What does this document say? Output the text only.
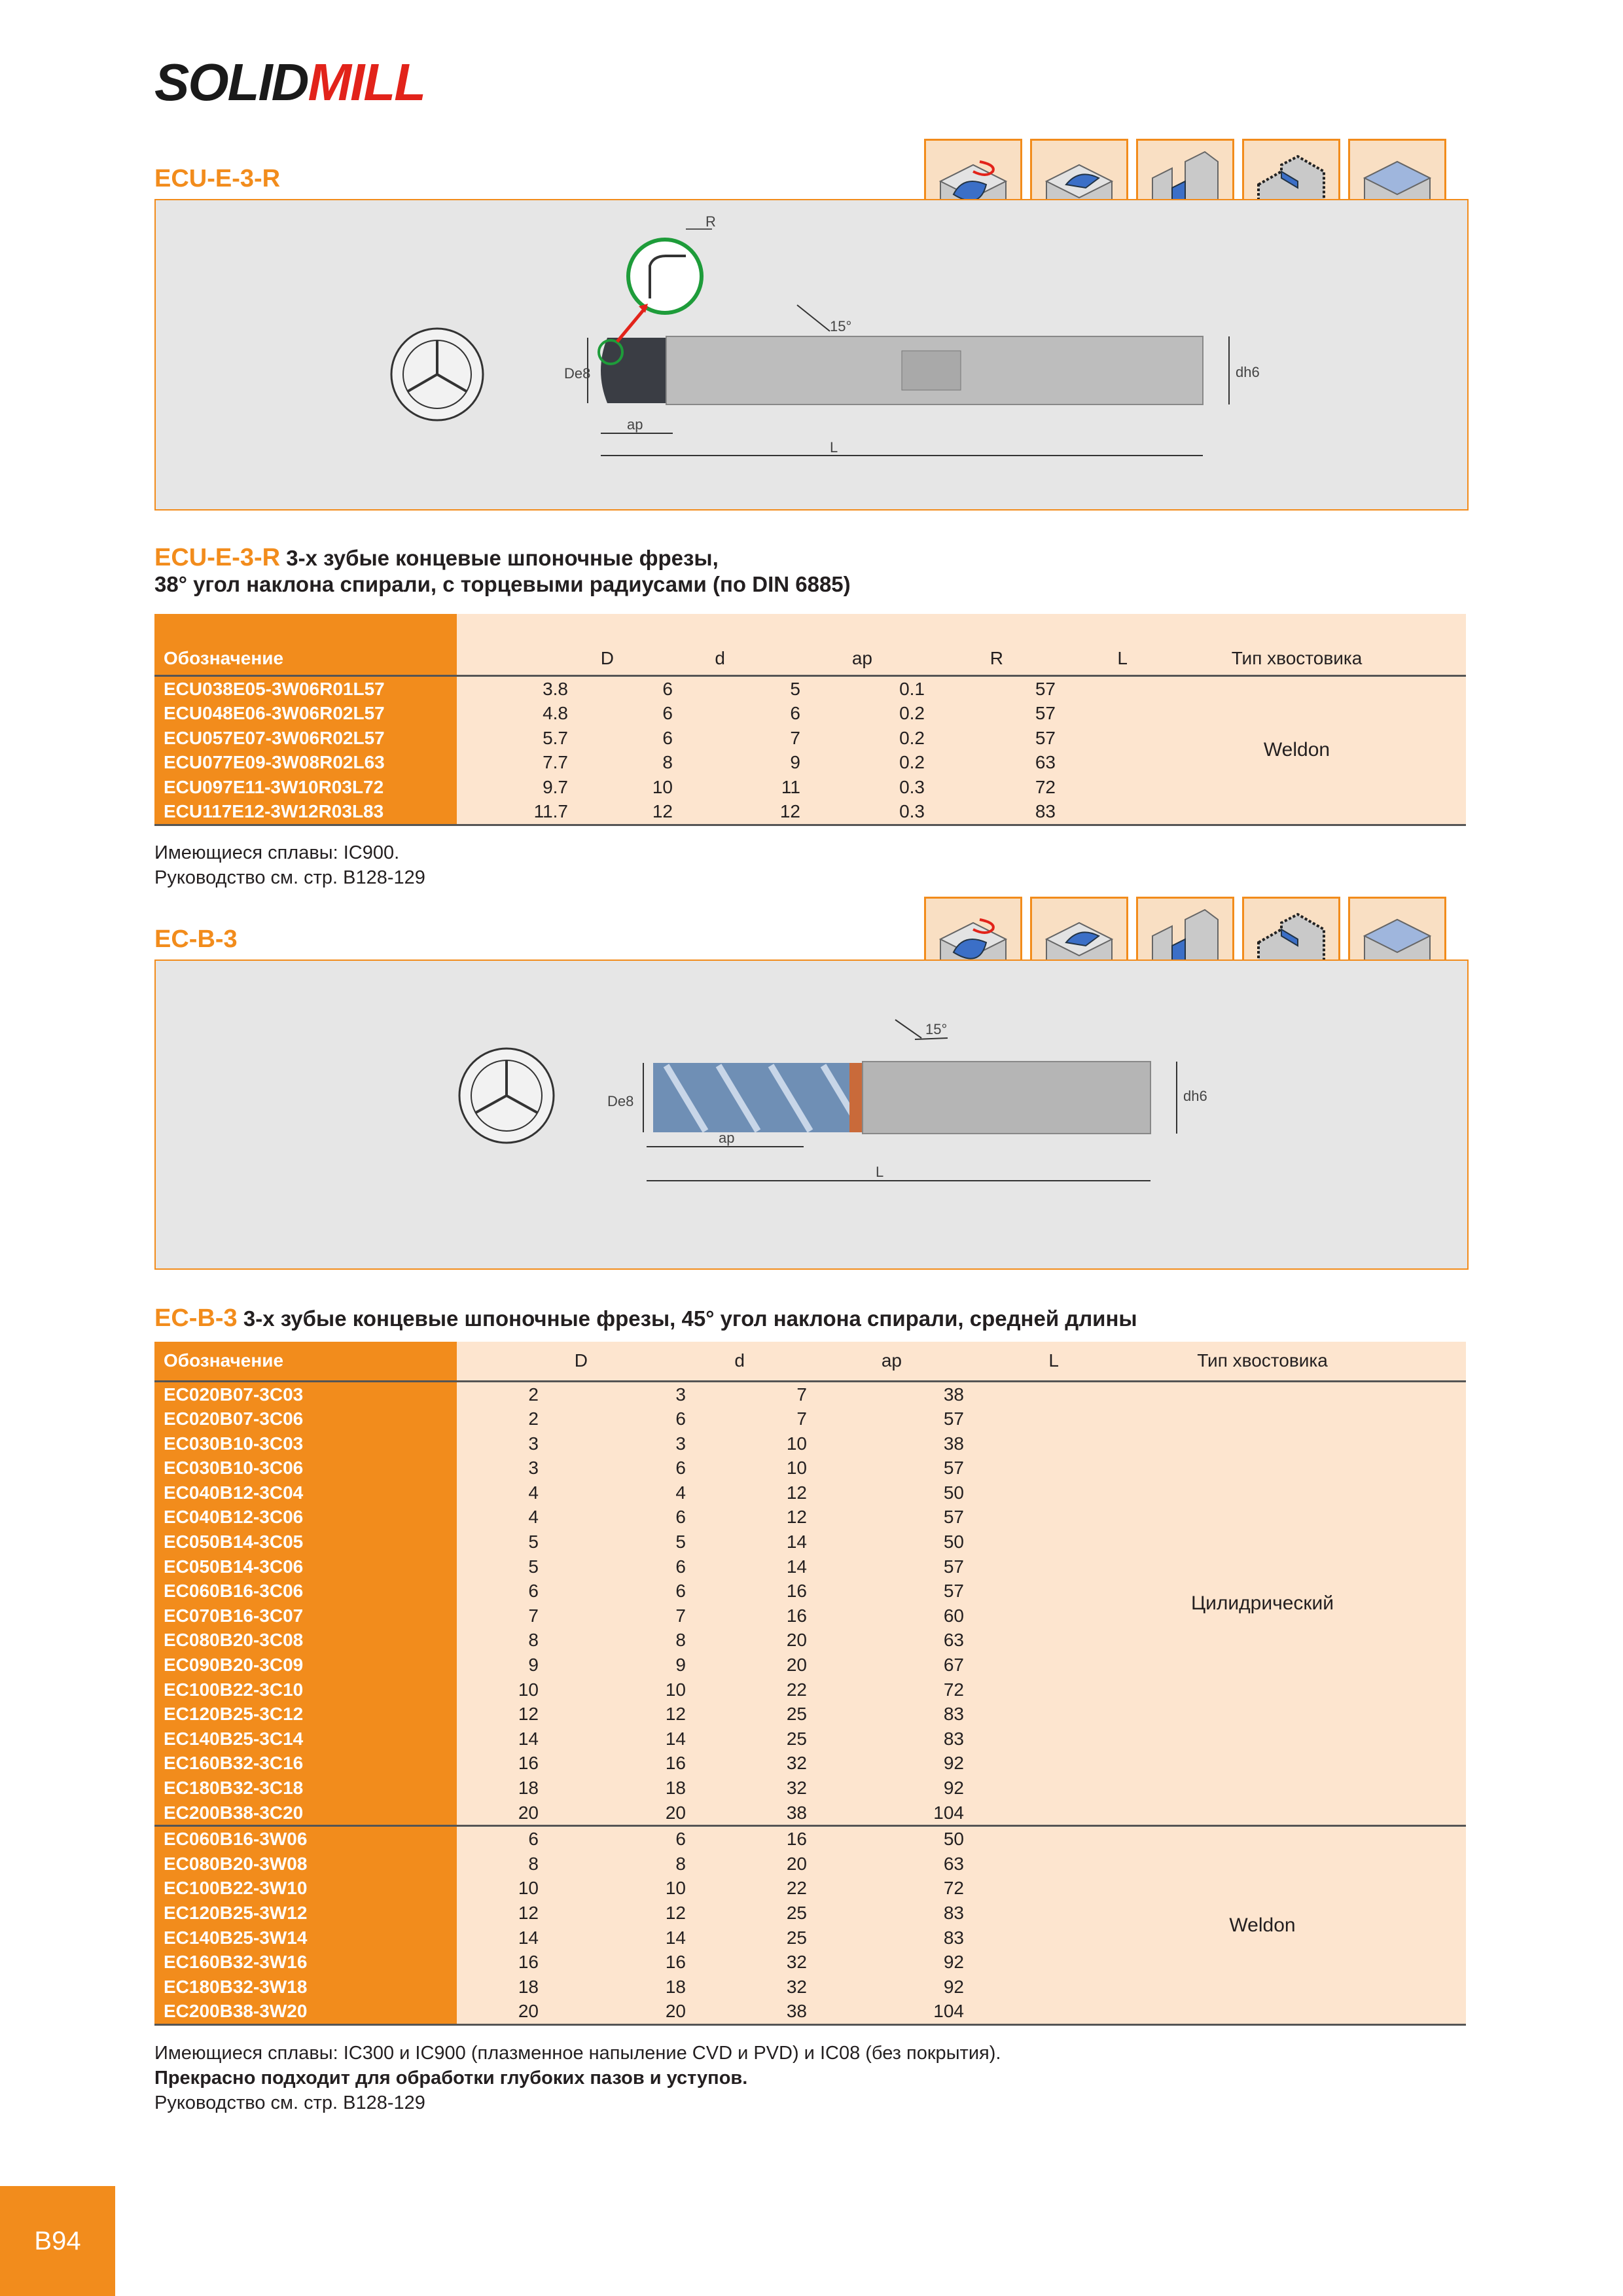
SOLIDMILL
ECU-E-3-R
R
15°
De8	dh6
ap
L
ECU-E-3-R 3-х зубые концевые шпоночные фрезы,
38° угол наклона спирали, с торцевыми радиусами (по DIN 6885)
Обозначение	D	d	ap	R	L	Тип хвостовика
ECU038E05-3W06R01L57	3.8	6	5	0.1	57	Weldon
ECU048E06-3W06R02L57	4.8	6	6	0.2	57	
ECU057E07-3W06R02L57	5.7	6	7	0.2	57	
ECU077E09-3W08R02L63	7.7	8	9	0.2	63	
ECU097E11-3W10R03L72	9.7	10	11	0.3	72	
ECU117E12-3W12R03L83	11.7	12	12	0.3	83	
Имеющиеся сплавы: IC900.
Руководство см. стр. B128-129
EC-B-3
15°
De8	dh6
ap
L
EC-B-3 3-х зубые концевые шпоночные фрезы, 45° угол наклона спирали, средней длины
Обозначение	D	d	ap	L	Тип хвостовика
EC020B07-3C03	2	3	7	38	Цилидрический
EC020B07-3C06	2	6	7	57	
EC030B10-3C03	3	3	10	38	
EC030B10-3C06	3	6	10	57	
EC040B12-3C04	4	4	12	50	
EC040B12-3C06	4	6	12	57	
EC050B14-3C05	5	5	14	50	
EC050B14-3C06	5	6	14	57	
EC060B16-3C06	6	6	16	57	
EC070B16-3C07	7	7	16	60	
EC080B20-3C08	8	8	20	63	
EC090B20-3C09	9	9	20	67	
EC100B22-3C10	10	10	22	72	
EC120B25-3C12	12	12	25	83	
EC140B25-3C14	14	14	25	83	
EC160B32-3C16	16	16	32	92	
EC180B32-3C18	18	18	32	92	
EC200B38-3C20	20	20	38	104	
EC060B16-3W06	6	6	16	50	Weldon
EC080B20-3W08	8	8	20	63	
EC100B22-3W10	10	10	22	72	
EC120B25-3W12	12	12	25	83	
EC140B25-3W14	14	14	25	83	
EC160B32-3W16	16	16	32	92	
EC180B32-3W18	18	18	32	92	
EC200B38-3W20	20	20	38	104	
Имеющиеся сплавы: IC300 и IC900 (плазменное напыление CVD и PVD) и IC08 (без покрытия).
Прекрасно подходит для обработки глубоких пазов и уступов.
Руководство см. стр. B128-129
B94
